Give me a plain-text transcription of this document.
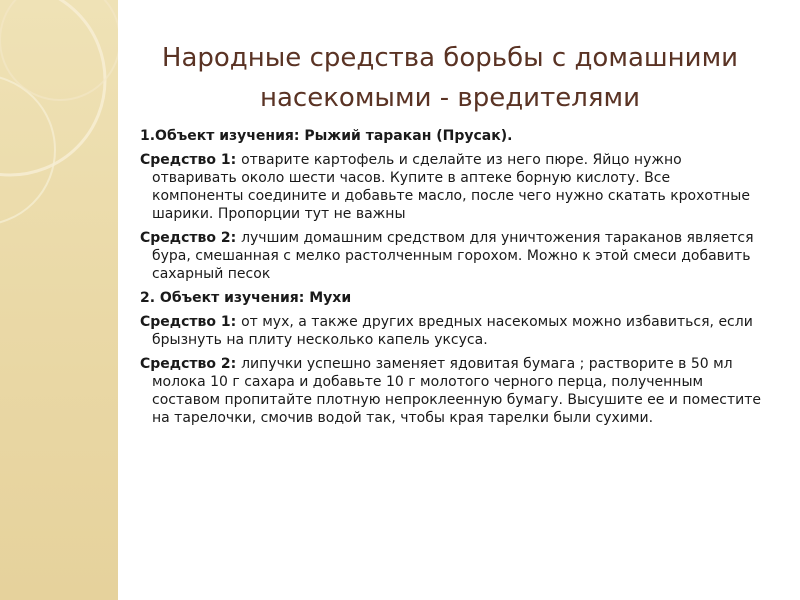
Народные средства борьбы с домашними насекомыми - вредителями

1.Объект изучения: Рыжий таракан (Прусак).

Средство 1: отварите картофель и сделайте из него пюре. Яйцо нужно отваривать около шести часов. Купите в аптеке борную кислоту. Все компоненты соедините и добавьте масло, после чего нужно скатать крохотные шарики. Пропорции тут не важны

Средство 2: лучшим домашним средством для уничтожения тараканов является бура, смешанная с мелко растолченным горохом. Можно к этой смеси добавить сахарный песок

2. Объект изучения: Мухи

Средство 1: от мух, а также других вредных насекомых можно избавиться, если брызнуть на плиту несколько капель уксуса.

Средство 2: липучки успешно заменяет ядовитая бумага ; растворите в 50 мл молока 10 г сахара и добавьте 10 г молотого черного перца, полученным составом пропитайте плотную непроклеенную бумагу. Высушите ее и поместите на тарелочки, смочив водой так, чтобы края тарелки были сухими.
